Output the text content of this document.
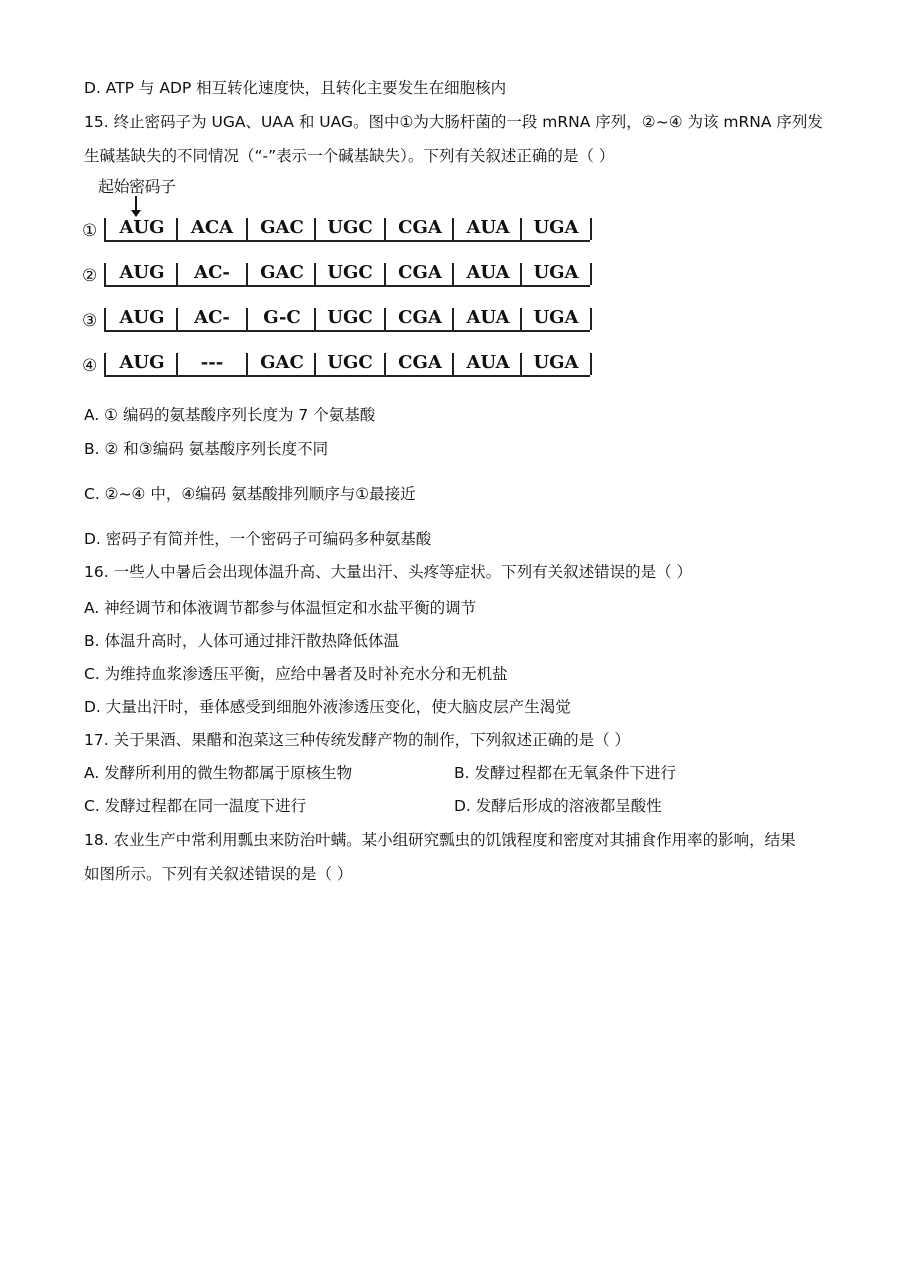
D. ATP 与 ADP 相互转化速度快，且转化主要发生在细胞核内
15. 终止密码子为 UGA、UAA 和 UAG。图中①为大肠杆菌的一段 mRNA 序列，②~④ 为该 mRNA 序列发
生碱基缺失的不同情况（“-”表示一个碱基缺失）。下列有关叙述正确的是（ ）
起始密码子
①	AUG	ACA	GAC	UGC	CGA	AUA	UGA
②	AUG	AC-	GAC	UGC	CGA	AUA	UGA
③	AUG	AC-	G-C	UGC	CGA	AUA	UGA
④	AUG	---	GAC	UGC	CGA	AUA	UGA
A. ① 编码的氨基酸序列长度为 7 个氨基酸
B. ② 和③编码 氨基酸序列长度不同
C. ②~④ 中，④编码 氨基酸排列顺序与①最接近
D. 密码子有简并性，一个密码子可编码多种氨基酸
16. 一些人中暑后会出现体温升高、大量出汗、头疼等症状。下列有关叙述错误的是（ ）
A. 神经调节和体液调节都参与体温恒定和水盐平衡的调节
B. 体温升高时，人体可通过排汗散热降低体温
C. 为维持血浆渗透压平衡，应给中暑者及时补充水分和无机盐
D. 大量出汗时，垂体感受到细胞外液渗透压变化，使大脑皮层产生渴觉
17. 关于果酒、果醋和泡菜这三种传统发酵产物的制作，下列叙述正确的是（ ）
A. 发酵所利用的微生物都属于原核生物	B. 发酵过程都在无氧条件下进行
C. 发酵过程都在同一温度下进行	D. 发酵后形成的溶液都呈酸性
18. 农业生产中常利用瓢虫来防治叶螨。某小组研究瓢虫的饥饿程度和密度对其捕食作用率的影响，结果
如图所示。下列有关叙述错误的是（ ）
